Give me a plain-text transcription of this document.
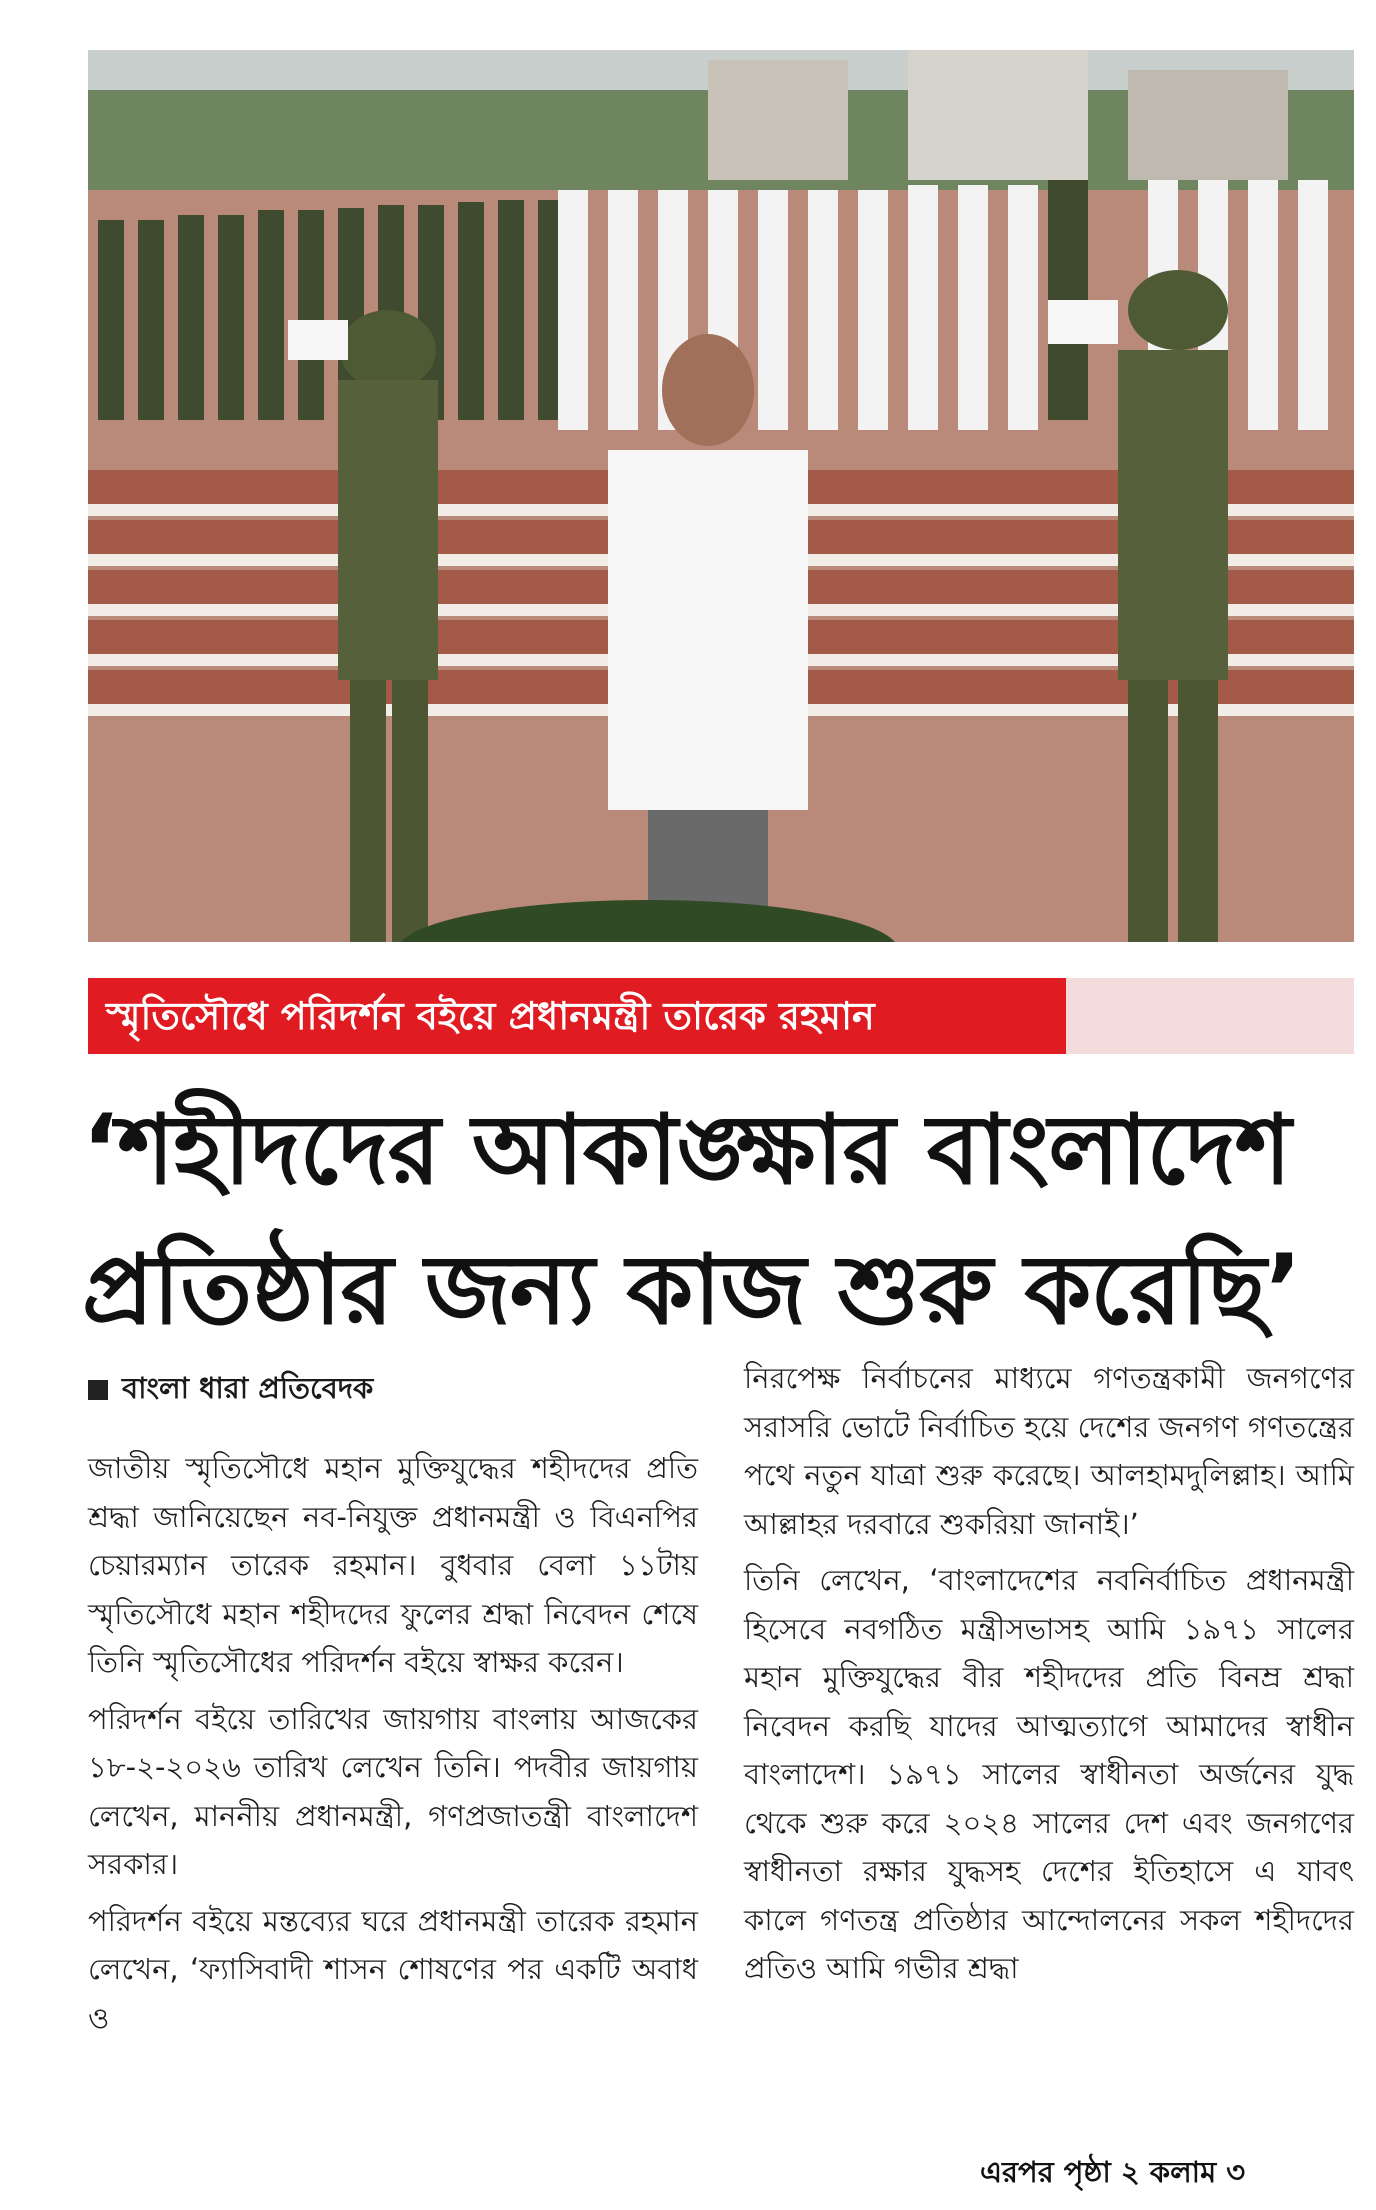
স্মৃতিসৌধে পরিদর্শন বইয়ে প্রধানমন্ত্রী তারেক রহমান
‘শহীদদের আকাঙ্ক্ষার বাংলাদেশ
প্রতিষ্ঠার জন্য কাজ শুরু করেছি’
বাংলা ধারা প্রতিবেদক

জাতীয় স্মৃতিসৌধে মহান মুক্তিযুদ্ধের শহীদদের প্রতি শ্রদ্ধা জানিয়েছেন নব-নিযুক্ত প্রধানমন্ত্রী ও বিএনপির চেয়ারম্যান তারেক রহমান। বুধবার বেলা ১১টায় স্মৃতিসৌধে মহান শহীদদের ফুলের শ্রদ্ধা নিবেদন শেষে তিনি স্মৃতিসৌধের পরিদর্শন বইয়ে স্বাক্ষর করেন।

পরিদর্শন বইয়ে তারিখের জায়গায় বাংলায় আজকের ১৮-২-২০২৬ তারিখ লেখেন তিনি। পদবীর জায়গায় লেখেন, মাননীয় প্রধানমন্ত্রী, গণপ্রজাতন্ত্রী বাংলাদেশ সরকার।

পরিদর্শন বইয়ে মন্তব্যের ঘরে প্রধানমন্ত্রী তারেক রহমান লেখেন, ‘ফ্যাসিবাদী শাসন শোষণের পর একটি অবাধ ও

নিরপেক্ষ নির্বাচনের মাধ্যমে গণতন্ত্রকামী জনগণের সরাসরি ভোটে নির্বাচিত হয়ে দেশের জনগণ গণতন্ত্রের পথে নতুন যাত্রা শুরু করেছে। আলহামদুলিল্লাহ। আমি আল্লাহর দরবারে শুকরিয়া জানাই।’

তিনি লেখেন, ‘বাংলাদেশের নবনির্বাচিত প্রধানমন্ত্রী হিসেবে নবগঠিত মন্ত্রীসভাসহ আমি ১৯৭১ সালের মহান মুক্তিযুদ্ধের বীর শহীদদের প্রতি বিনম্র শ্রদ্ধা নিবেদন করছি যাদের আত্মত্যাগে আমাদের স্বাধীন বাংলাদেশ। ১৯৭১ সালের স্বাধীনতা অর্জনের যুদ্ধ থেকে শুরু করে ২০২৪ সালের দেশ এবং জনগণের স্বাধীনতা রক্ষার যুদ্ধসহ দেশের ইতিহাসে এ যাবৎ কালে গণতন্ত্র প্রতিষ্ঠার আন্দোলনের সকল শহীদদের প্রতিও আমি গভীর শ্রদ্ধা

এরপর পৃষ্ঠা ২ কলাম ৩
